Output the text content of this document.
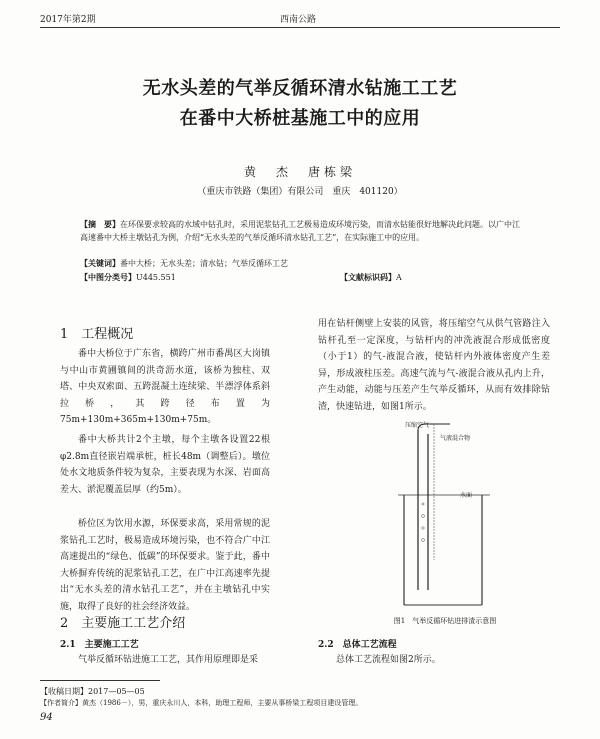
2017年第2期	西南公路
无水头差的气举反循环清水钻施工工艺
在番中大桥桩基施工中的应用
黄　杰　唐栋梁
（重庆市铁路（集团）有限公司　重庆　401120）
【摘　要】在环保要求较高的水域中钻孔时，采用泥浆钻孔工艺极易造成环境污染，而清水钻能很好地解决此问题。以广中江高速番中大桥主墩钻孔为例，介绍“无水头差的气举反循环清水钻孔工艺”，在实际施工中的应用。
【关键词】番中大桥；无水头差；清水钻；气举反循环工艺
【中图分类号】U445.551	【文献标识码】A
1　工程概况
番中大桥位于广东省，横跨广州市番禺区大岗镇与中山市黄圃镇间的洪奇沥水道，该桥为独柱、双塔、中央双索面、五跨混凝土连续梁、半漂浮体系斜拉桥，其跨径布置为75m+130m+365m+130m+75m。
番中大桥共计2个主墩，每个主墩各设置22根φ2.8m直径嵌岩端承桩，桩长48m（调整后）。墩位处水文地质条件较为复杂，主要表现为水深、岩面高差大、淤泥覆盖层厚（约5m）。
桥位区为饮用水源，环保要求高，采用常规的泥浆钻孔工艺时，极易造成环境污染，也不符合广中江高速提出的“绿色、低碳”的环保要求。鉴于此，番中大桥摒弃传统的泥浆钻孔工艺，在广中江高速率先提出“无水头差的清水钻孔工艺”，并在主墩钻孔中实施，取得了良好的社会经济效益。
2　主要施工工艺介绍
2.1　主要施工工艺
气举反循环钻进施工工艺，其作用原理即是采
用在钻杆侧壁上安装的风管，将压缩空气从供气管路注入钻杆孔至一定深度，与钻杆内的冲洗液混合形成低密度（小于1）的气-液混合液，使钻杆内外液体密度产生差异，形成液柱压差。高速气流与气-液混合液从孔内上升，产生动能，动能与压差产生气举反循环，从而有效排除钻渣，快速钻进，如图1所示。
压缩空气
气液混合物
水面
图1　气举反循环钻进排渣示意图
2.2　总体工艺流程
总体工艺流程如图2所示。
【收稿日期】2017—05—05
【作者简介】黄杰（1986－），男，重庆永川人，本科，助理工程师，主要从事桥梁工程项目建设管理。
94
